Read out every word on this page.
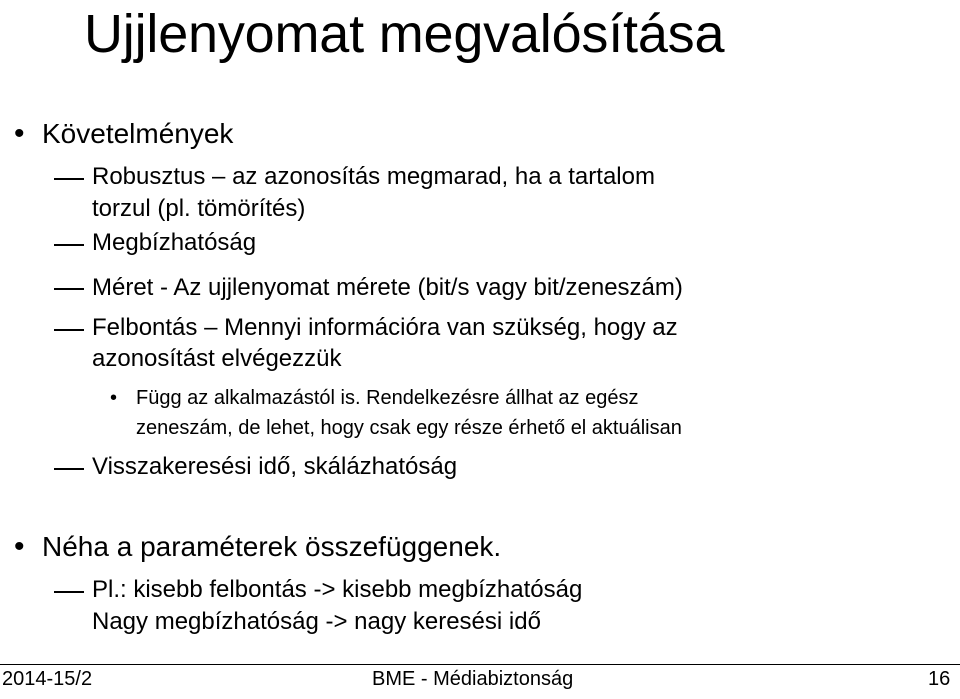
Ujjlenyomat megvalósítása
• Követelmények
Robusztus – az azonosítás megmarad, ha a tartalom
torzul (pl. tömörítés)
Megbízhatóság
Méret - Az ujjlenyomat mérete (bit/s vagy bit/zeneszám)
Felbontás – Mennyi információra van szükség, hogy az
azonosítást elvégezzük
• Függ az alkalmazástól is. Rendelkezésre állhat az egész
zeneszám, de lehet, hogy csak egy része érhető el aktuálisan
Visszakeresési idő, skálázhatóság
• Néha a paraméterek összefüggenek.
Pl.: kisebb felbontás -> kisebb megbízhatóság
Nagy megbízhatóság -> nagy keresési idő
2014-15/2	BME - Médiabiztonság	16
